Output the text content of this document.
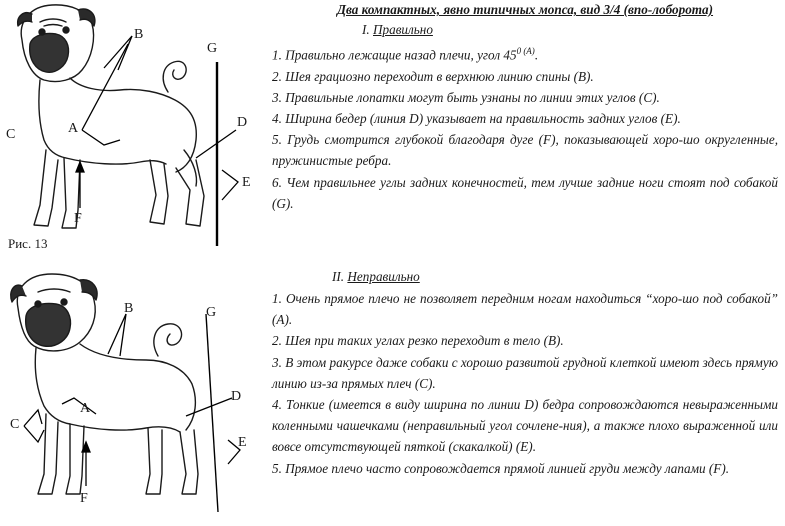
B
G
D
A
C
E
F
Рис. 13
B	G
D
A
C
E
F
Два компактных, явно типичных мопса, вид 3/4 (впо-лоборота)
I. Правильно

1. Правильно лежащие назад плечи, угол $45^{0 (A)}$.

2. Шея грациозно переходит в верхнюю линию спины (B).

3. Правильные лопатки могут быть узнаны по линии этих углов (C).

4. Ширина бедер (линия D) указывает на правильность задних углов (E).

5. Грудь смотрится глубокой благодаря дуге (F), показывающей хоро-шо округленные, пружинистые ребра.

6. Чем правильнее углы задних конечностей, тем лучше задние ноги стоят под собакой (G).

II. Неправильно

1. Очень прямое плечо не позволяет передним ногам находиться “хоро-шо под собакой” (A).

2. Шея при таких углах резко переходит в тело (B).

3. В этом ракурсе даже собаки с хорошо развитой грудной клеткой имеют здесь прямую линию из-за прямых плеч (C).

4. Тонкие (имеется в виду ширина по линии D) бедра сопровождаются невыраженными коленными чашечками (неправильный угол сочлене-ния), а также плохо выраженной или вовсе отсутствующей пяткой (скакалкой) (E).

5. Прямое плечо часто сопровождается прямой линией груди между лапами (F).
